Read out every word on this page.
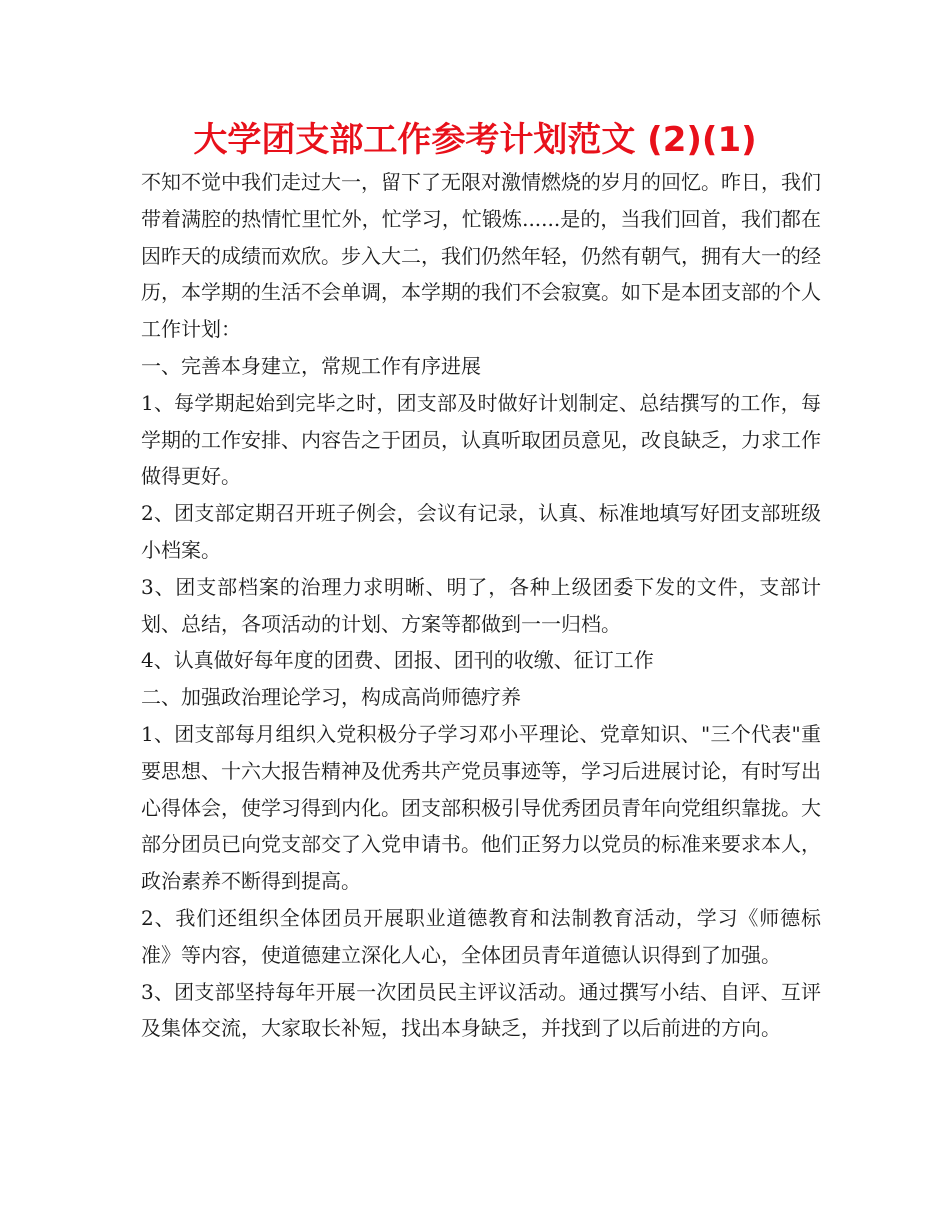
大学团支部工作参考计划范文 (2)(1)

不知不觉中我们走过大一，留下了无限对激情燃烧的岁月的回忆。昨日，我们带着满腔的热情忙里忙外，忙学习，忙锻炼......是的，当我们回首，我们都在因昨天的成绩而欢欣。步入大二，我们仍然年轻，仍然有朝气，拥有大一的经历，本学期的生活不会单调，本学期的我们不会寂寞。如下是本团支部的个人工作计划：

一、完善本身建立，常规工作有序进展

1、每学期起始到完毕之时，团支部及时做好计划制定、总结撰写的工作，每学期的工作安排、内容告之于团员，认真听取团员意见，改良缺乏，力求工作做得更好。

2、团支部定期召开班子例会，会议有记录，认真、标准地填写好团支部班级小档案。

3、团支部档案的治理力求明晰、明了，各种上级团委下发的文件，支部计划、总结，各项活动的计划、方案等都做到一一归档。

4、认真做好每年度的团费、团报、团刊的收缴、征订工作

二、加强政治理论学习，构成高尚师德疗养

1、团支部每月组织入党积极分子学习邓小平理论、党章知识、"三个代表"重要思想、十六大报告精神及优秀共产党员事迹等，学习后进展讨论，有时写出心得体会，使学习得到内化。团支部积极引导优秀团员青年向党组织靠拢。大部分团员已向党支部交了入党申请书。他们正努力以党员的标准来要求本人，政治素养不断得到提高。

2、我们还组织全体团员开展职业道德教育和法制教育活动，学习《师德标准》等内容，使道德建立深化人心，全体团员青年道德认识得到了加强。

3、团支部坚持每年开展一次团员民主评议活动。通过撰写小结、自评、互评及集体交流，大家取长补短，找出本身缺乏，并找到了以后前进的方向。
